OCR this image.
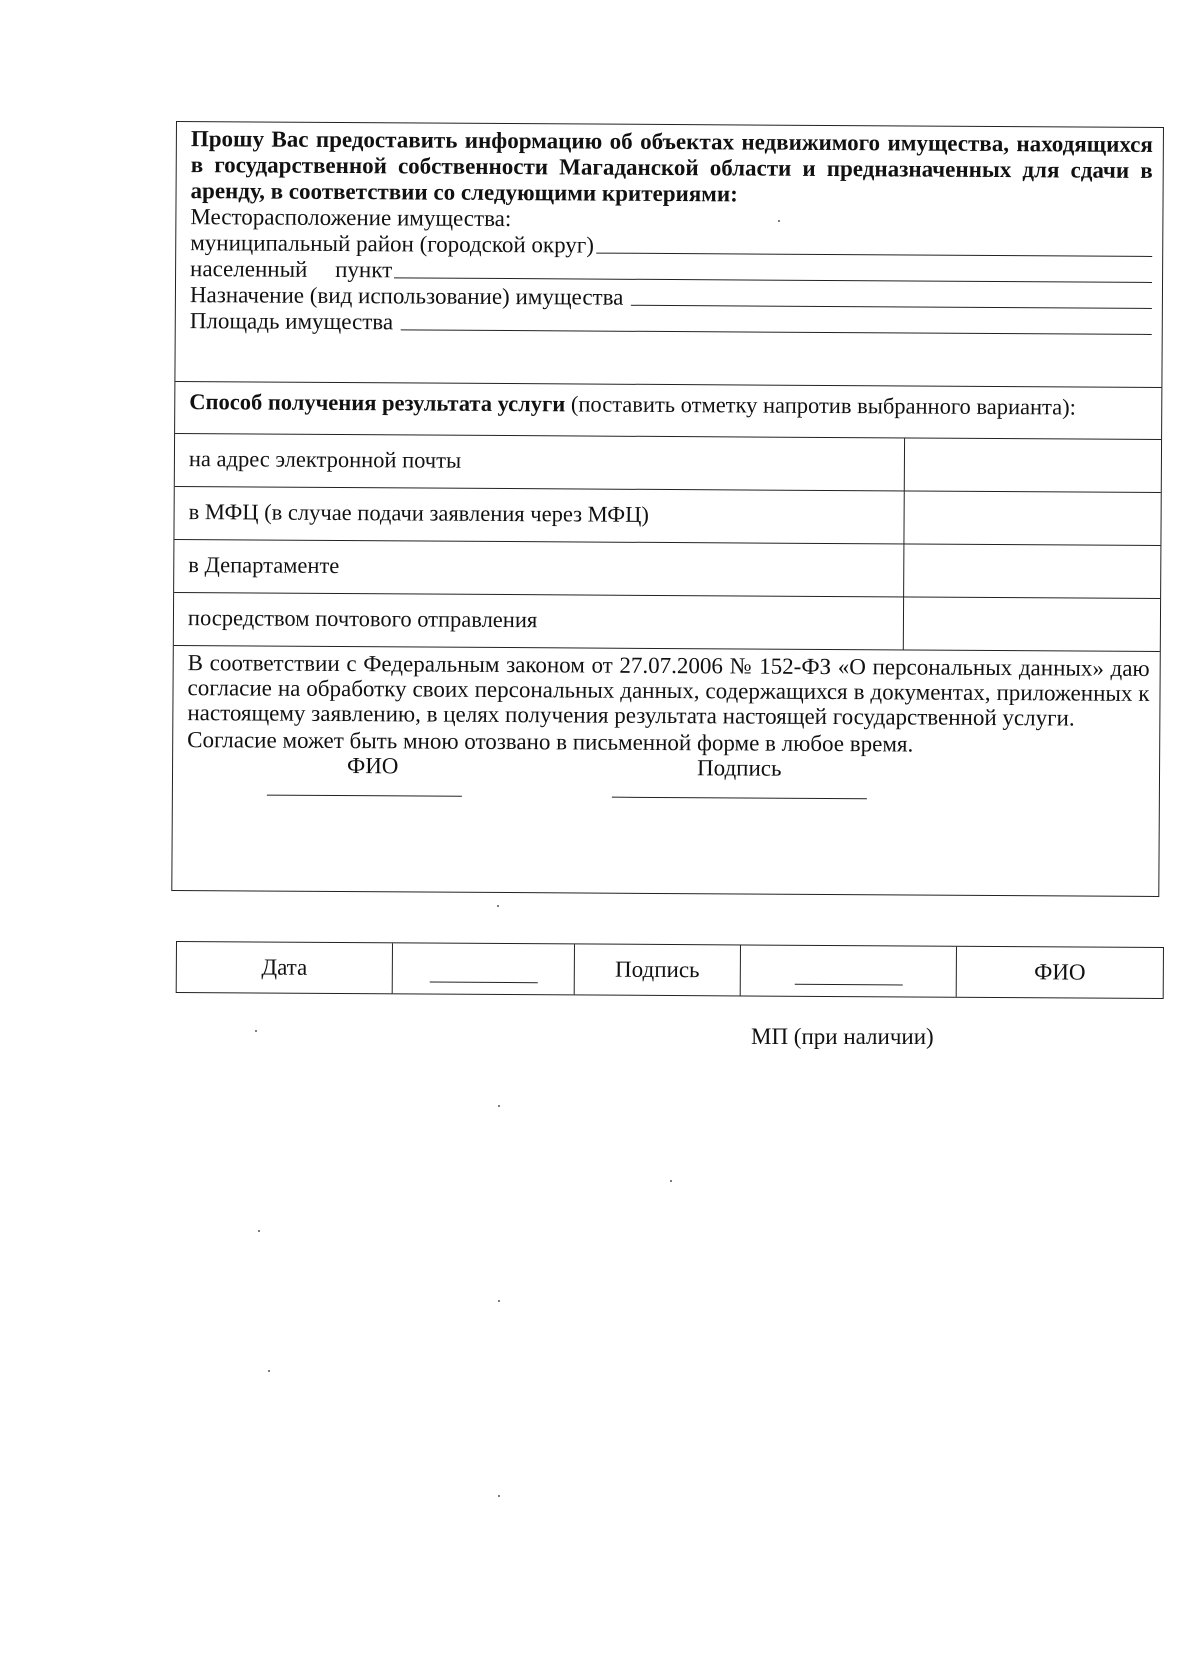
Прошу Вас предоставить информацию об объектах недвижимого имущества, находящихся в государственной собственности Магаданской области и предназначенных для сдачи в аренду, в соответствии со следующими критериями:

Месторасположение имущества:

муниципальный район (городской округ)
населенный пункт
Назначение (вид использование) имущества
Площадь имущества
Способ получения результата услуги (поставить отметку напротив выбранного варианта):
на адрес электронной почты
в МФЦ (в случае подачи заявления через МФЦ)
в Департаменте
посредством почтового отправления

В соответствии с Федеральным законом от 27.07.2006 № 152-ФЗ «О персональных данных» даю согласие на обработку своих персональных данных, содержащихся в документах, приложенных к настоящему заявлению, в целях получения результата настоящей государственной услуги.

Согласие может быть мною отозвано в письменной форме в любое время.

ФИО	Подпись
Дата	Подпись	ФИО
МП (при наличии)
